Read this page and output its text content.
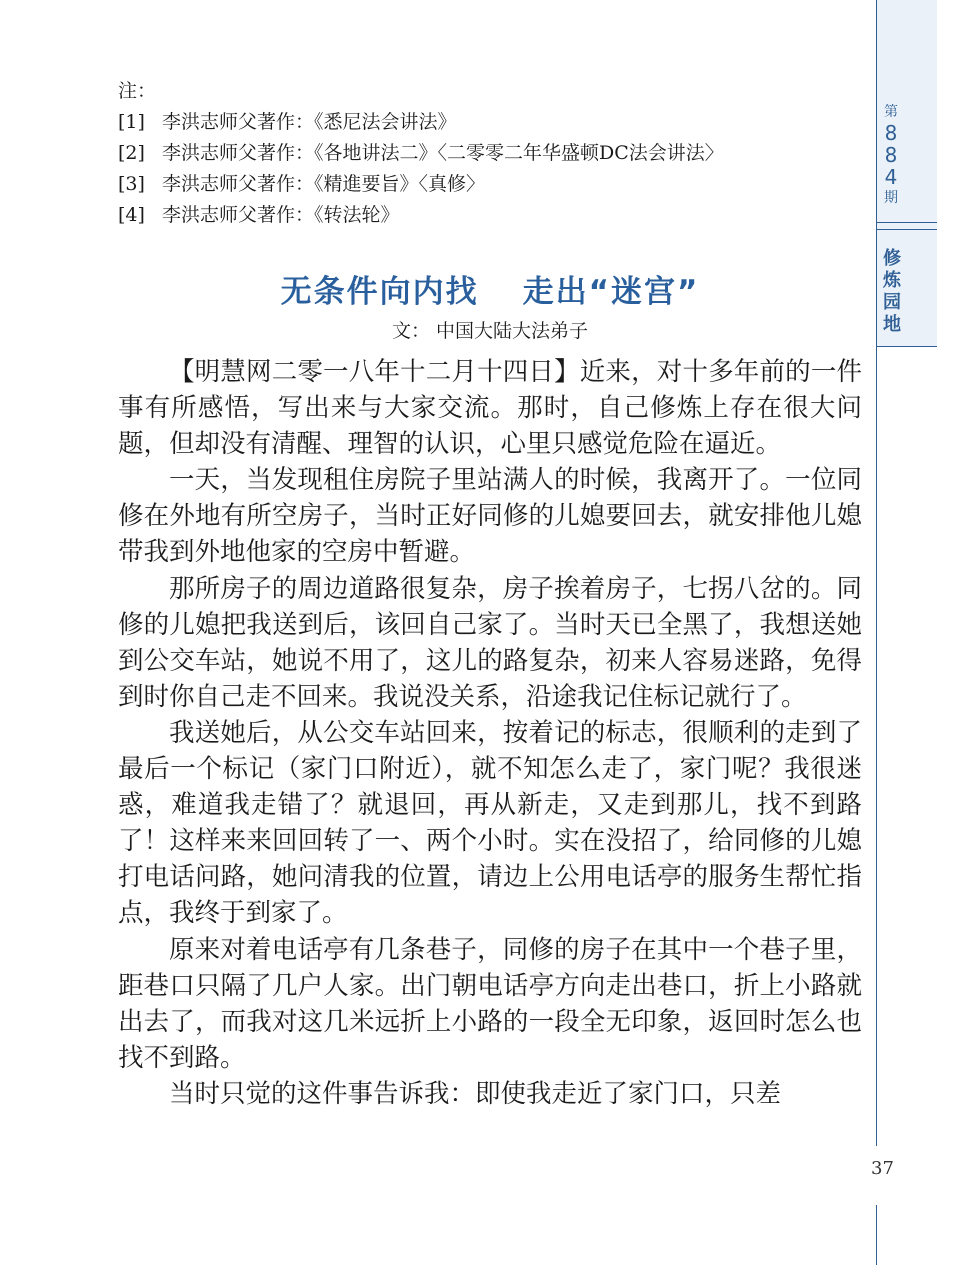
第
8
8
4
期
修
炼
园
地
37
注：
[1] 李洪志师父著作：《悉尼法会讲法》
[2] 李洪志师父著作：《各地讲法二》〈二零零二年华盛顿DC法会讲法〉
[3] 李洪志师父著作：《精進要旨》〈真修〉
[4] 李洪志师父著作：《转法轮》
无条件向内找 走出“迷宫”
文： 中国大陆大法弟子

【明慧网二零一八年十二月十四日】近来，对十多年前的一件事有所感悟，写出来与大家交流。那时，自己修炼上存在很大问题，但却没有清醒、理智的认识，心里只感觉危险在逼近。

一天，当发现租住房院子里站满人的时候，我离开了。一位同修在外地有所空房子，当时正好同修的儿媳要回去，就安排他儿媳带我到外地他家的空房中暂避。

那所房子的周边道路很复杂，房子挨着房子，七拐八岔的。同修的儿媳把我送到后，该回自己家了。当时天已全黑了，我想送她到公交车站，她说不用了，这儿的路复杂，初来人容易迷路，免得到时你自己走不回来。我说没关系，沿途我记住标记就行了。

我送她后，从公交车站回来，按着记的标志，很顺利的走到了最后一个标记（家门口附近），就不知怎么走了，家门呢？我很迷惑，难道我走错了？就退回，再从新走，又走到那儿，找不到路了！这样来来回回转了一、两个小时。实在没招了，给同修的儿媳打电话问路，她问清我的位置，请边上公用电话亭的服务生帮忙指点，我终于到家了。

原来对着电话亭有几条巷子，同修的房子在其中一个巷子里，距巷口只隔了几户人家。出门朝电话亭方向走出巷口，折上小路就出去了，而我对这几米远折上小路的一段全无印象，返回时怎么也找不到路。

当时只觉的这件事告诉我：即使我走近了家门口，只差
